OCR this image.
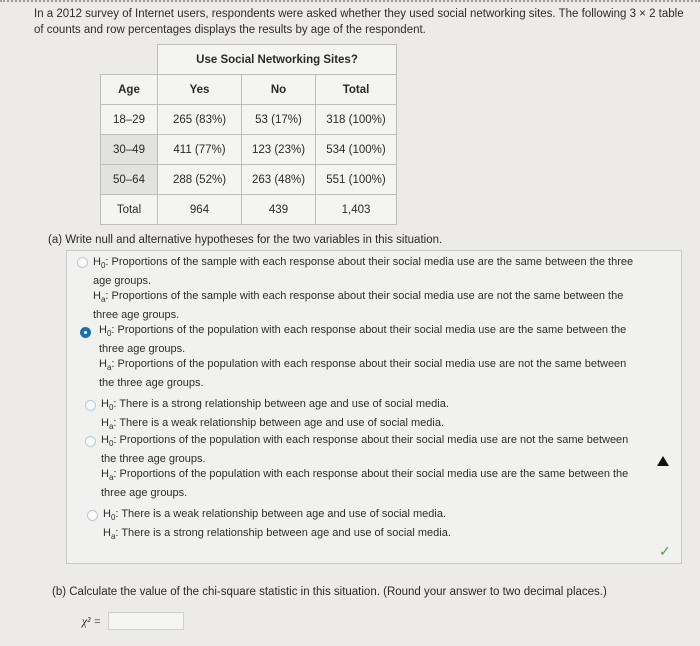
In a 2012 survey of Internet users, respondents were asked whether they used social networking sites. The following 3 × 2 table of counts and row percentages displays the results by age of the respondent.
	Use Social Networking Sites?		
Age	Yes	No	Total
18–29	265 (83%)	53 (17%)	318 (100%)
30–49	411 (77%)	123 (23%)	534 (100%)
50–64	288 (52%)	263 (48%)	551 (100%)
Total	964	439	1,403
(a) Write null and alternative hypotheses for the two variables in this situation.
$H_0$: Proportions of the sample with each response about their social media use are the same between the three
age groups.
$H_a$: Proportions of the sample with each response about their social media use are not the same between the
three age groups.
$H_0$: Proportions of the population with each response about their social media use are the same between the
three age groups.
$H_a$: Proportions of the population with each response about their social media use are not the same between
the three age groups.
$H_0$: There is a strong relationship between age and use of social media.
$H_a$: There is a weak relationship between age and use of social media.
$H_0$: Proportions of the population with each response about their social media use are not the same between
the three age groups.
$H_a$: Proportions of the population with each response about their social media use are the same between the
three age groups.
$H_0$: There is a weak relationship between age and use of social media.
$H_a$: There is a strong relationship between age and use of social media.
✓
(b) Calculate the value of the chi-square statistic in this situation. (Round your answer to two decimal places.)
χ² =
